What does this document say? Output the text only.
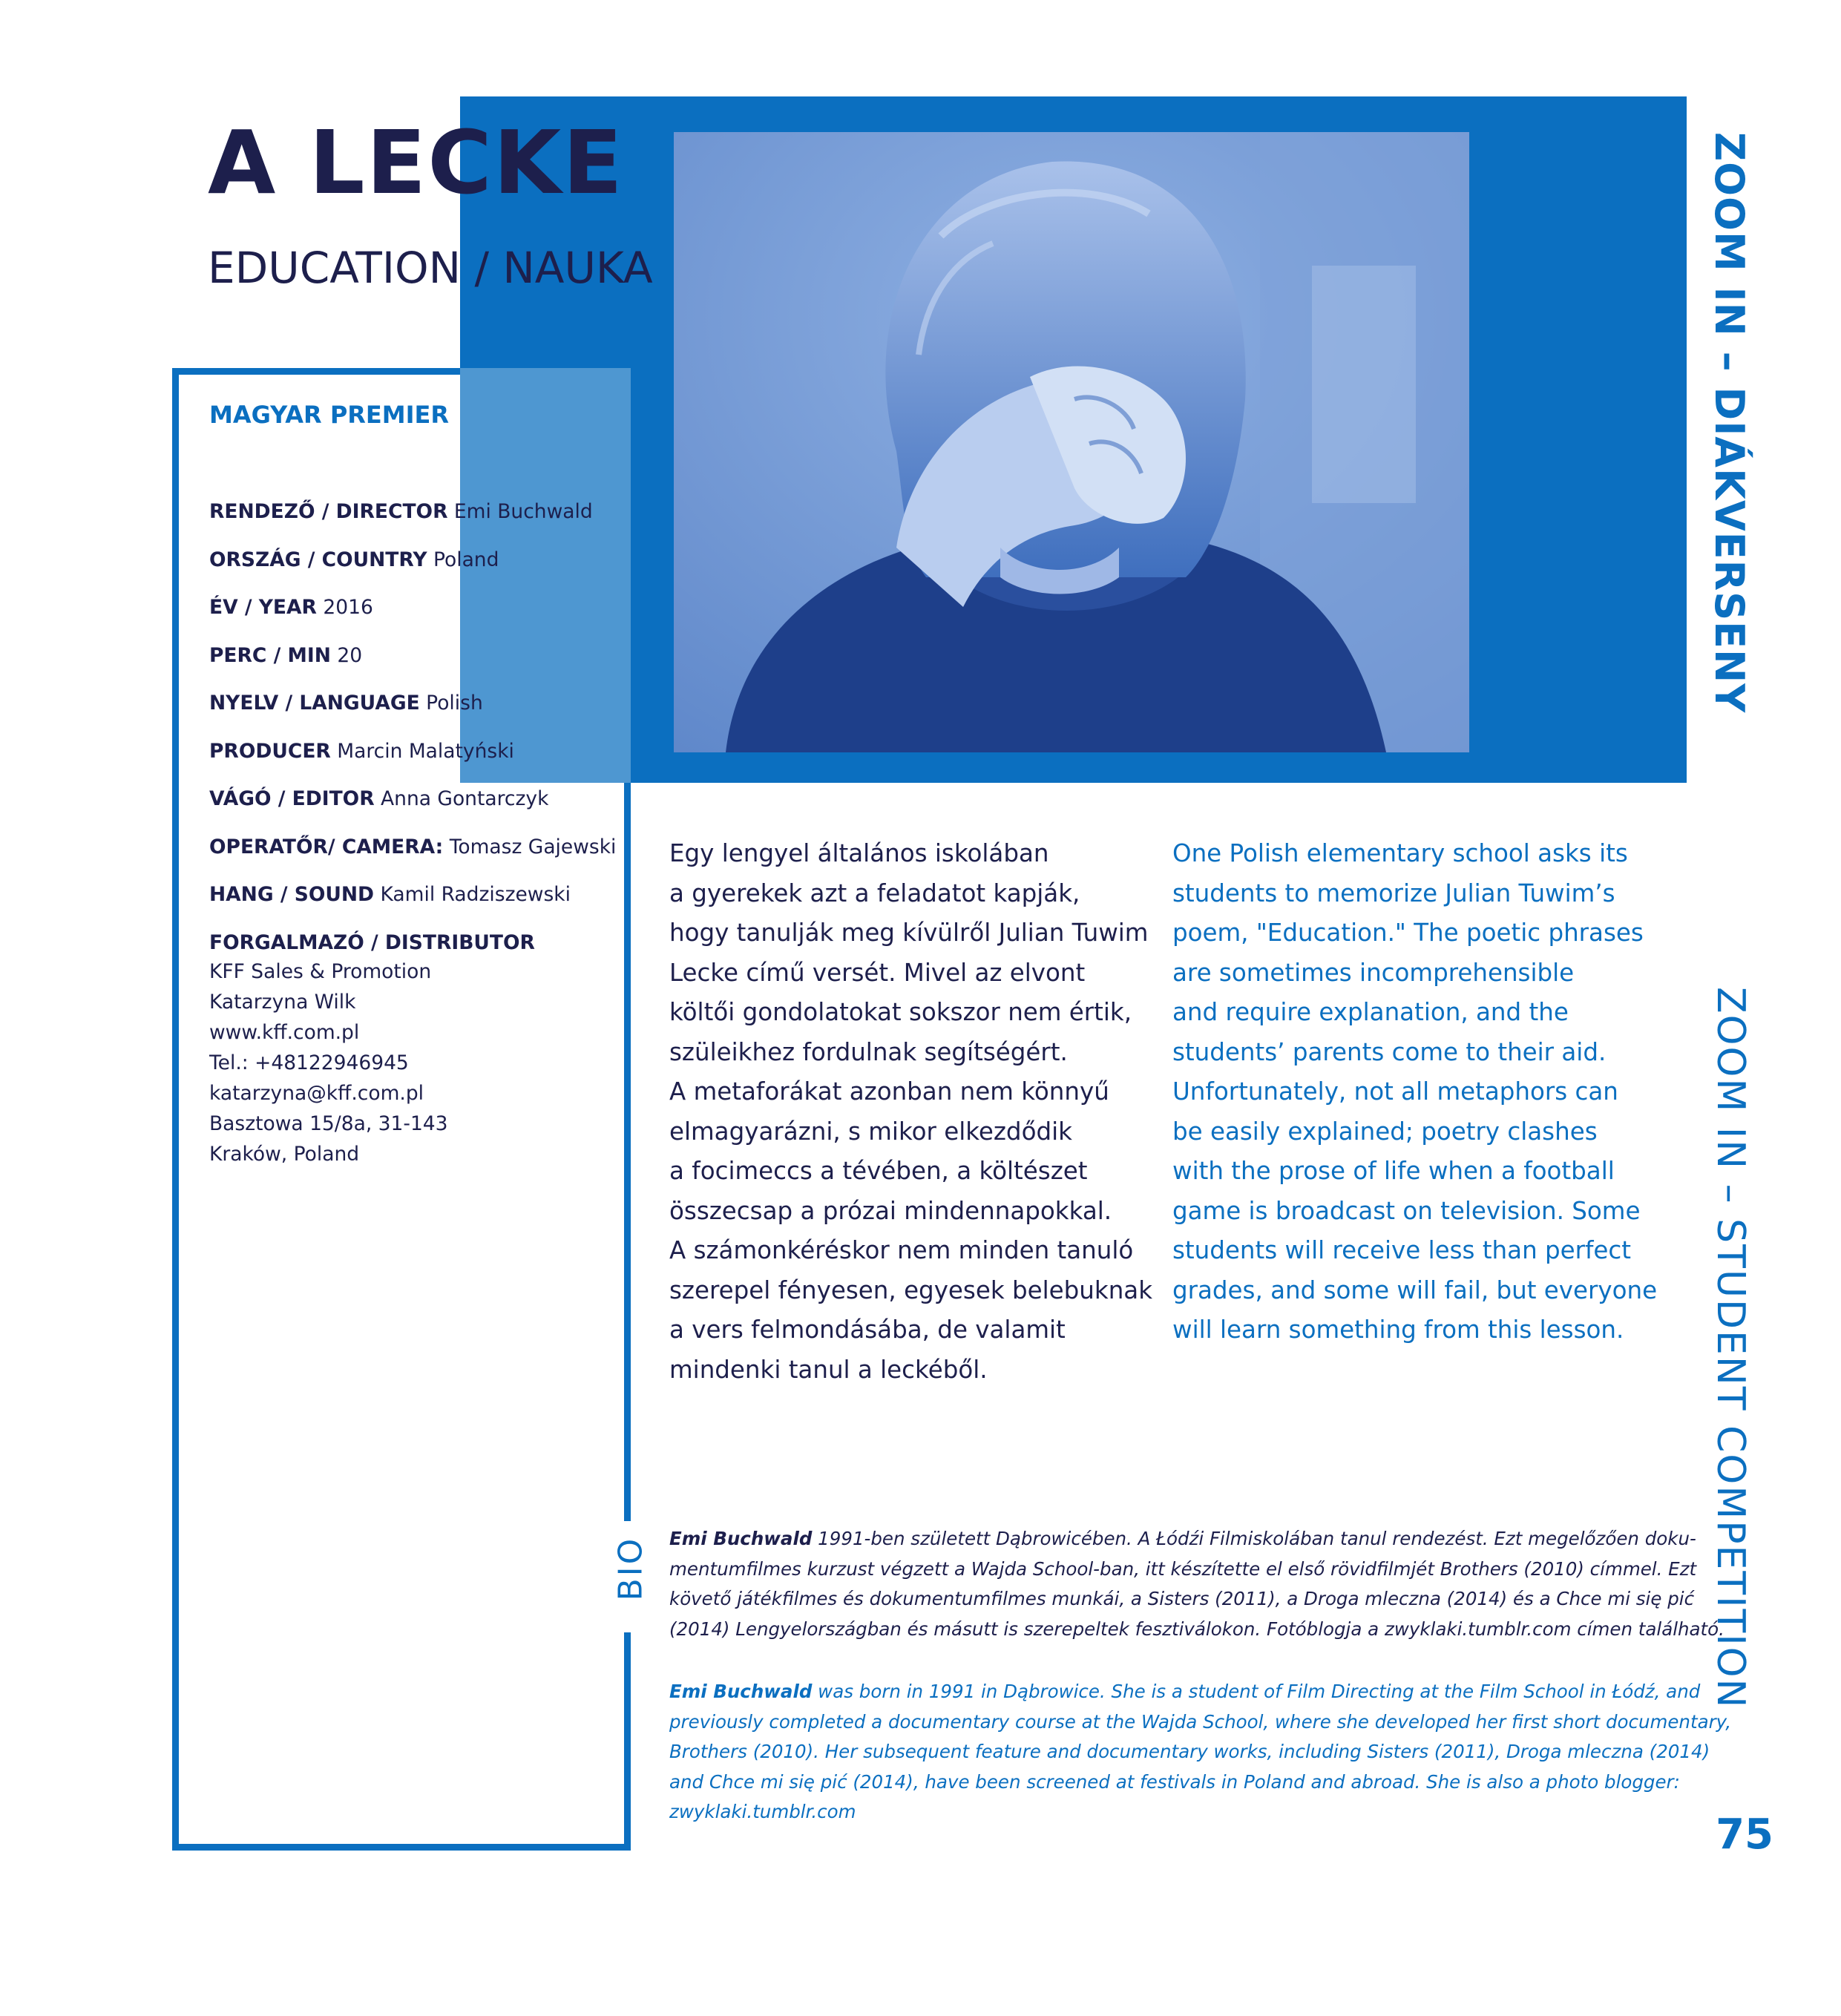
A LECKE
EDUCATION / NAUKA
MAGYAR PREMIER
RENDEZŐ / DIRECTOR Emi Buchwald
ORSZÁG / COUNTRY Poland
ÉV / YEAR 2016
PERC / MIN 20
NYELV / LANGUAGE Polish
PRODUCER Marcin Malatyński
VÁGÓ / EDITOR Anna Gontarczyk
OPERATŐR/ CAMERA: Tomasz Gajewski
HANG / SOUND Kamil Radziszewski
FORGALMAZÓ / DISTRIBUTOR
KFF Sales & Promotion
Katarzyna Wilk
www.kff.com.pl
Tel.: +48122946945
katarzyna@kff.com.pl
Basztowa 15/8a, 31-143
Kraków, Poland
Egy lengyel általános iskolában
a gyerekek azt a feladatot kapják,
hogy tanulják meg kívülről Julian Tuwim
Lecke című versét. Mivel az elvont
költői gondolatokat sokszor nem értik,
szüleikhez fordulnak segítségért.
A metaforákat azonban nem könnyű
elmagyarázni, s mikor elkezdődik
a focimeccs a tévében, a költészet
összecsap a prózai mindennapokkal.
A számonkéréskor nem minden tanuló
szerepel fényesen, egyesek belebuknak
a vers felmondásába, de valamit
mindenki tanul a leckéből.
One Polish elementary school asks its
students to memorize Julian Tuwim’s
poem, "Education." The poetic phrases
are sometimes incomprehensible
and require explanation, and the
students’ parents come to their aid.
Unfortunately, not all metaphors can
be easily explained; poetry clashes
with the prose of life when a football
game is broadcast on television. Some
students will receive less than perfect
grades, and some will fail, but everyone
will learn something from this lesson.
BIO Emi Buchwald 1991-ben született Dąbrowicében. A Łódźi Filmiskolában tanul rendezést. Ezt megelőzően doku-
mentumfilmes kurzust végzett a Wajda School-ban, itt készítette el első rövidfilmjét Brothers (2010) címmel. Ezt
követő játékfilmes és dokumentumfilmes munkái, a Sisters (2011), a Droga mleczna (2014) és a Chce mi się pić
(2014) Lengyelországban és másutt is szerepeltek fesztiválokon. Fotóblogja a zwyklaki.tumblr.com címen található.
Emi Buchwald was born in 1991 in Dąbrowice. She is a student of Film Directing at the Film School in Łódź, and
previously completed a documentary course at the Wajda School, where she developed her first short documentary,
Brothers (2010). Her subsequent feature and documentary works, including Sisters (2011), Droga mleczna (2014)
and Chce mi się pić (2014), have been screened at festivals in Poland and abroad. She is also a photo blogger:
zwyklaki.tumblr.com
ZOOM IN – DIÁKVERSENY
ZOOM IN – STUDENT COMPETITION
75
